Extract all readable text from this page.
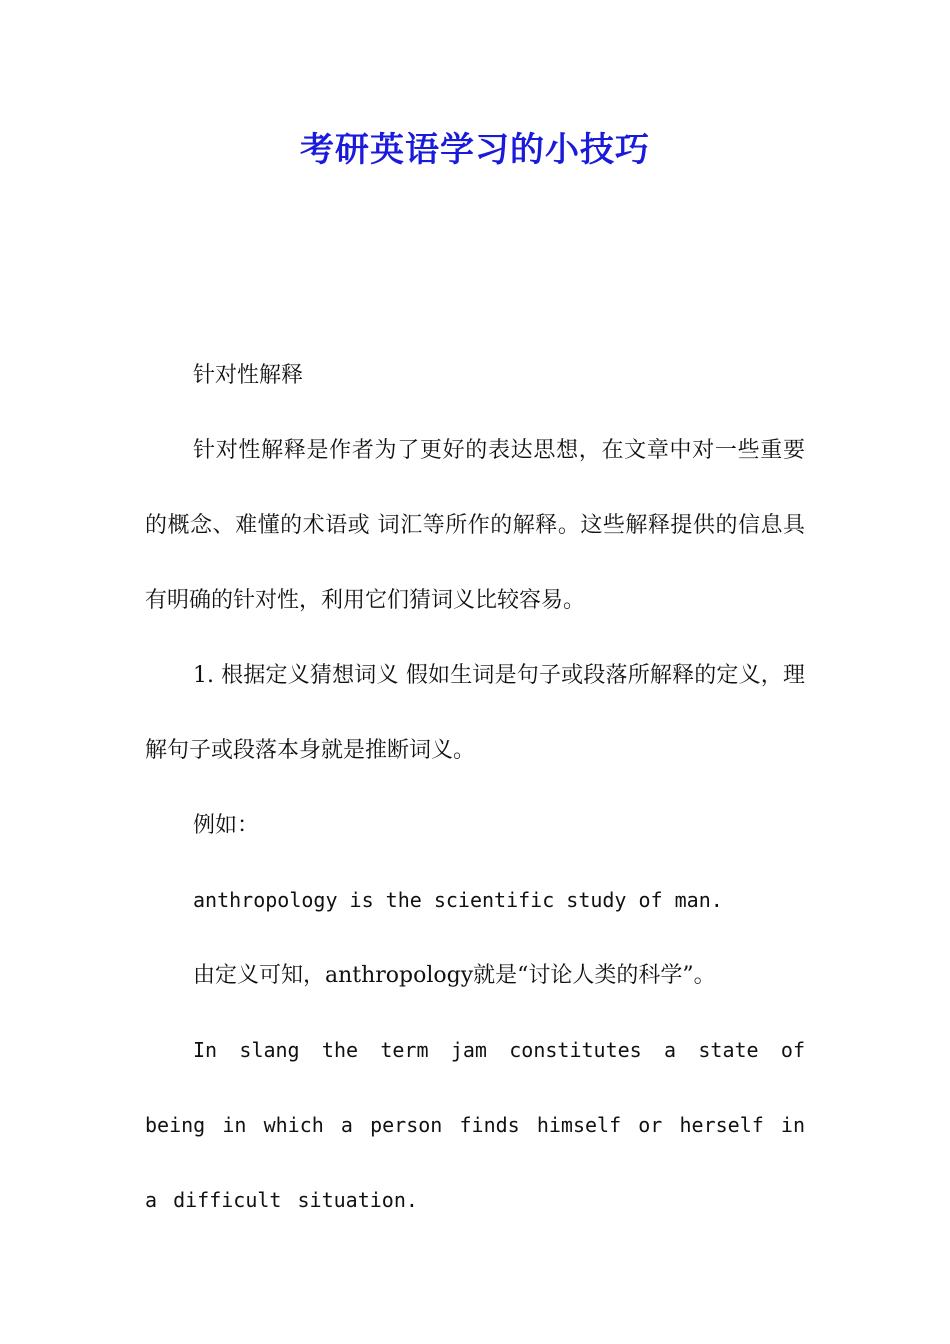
考研英语学习的小技巧

针对性解释

针对性解释是作者为了更好的表达思想，在文章中对一些重要的概念、难懂的术语或 词汇等所作的解释。这些解释提供的信息具有明确的针对性，利用它们猜词义比较容易。

1. 根据定义猜想词义 假如生词是句子或段落所解释的定义，理解句子或段落本身就是推断词义。

例如：

anthropology is the scientific study of man.

由定义可知，anthropology就是“讨论人类的科学”。

In slang the term jam constitutes a state of being in which a person finds himself or herself in a difficult situation.
